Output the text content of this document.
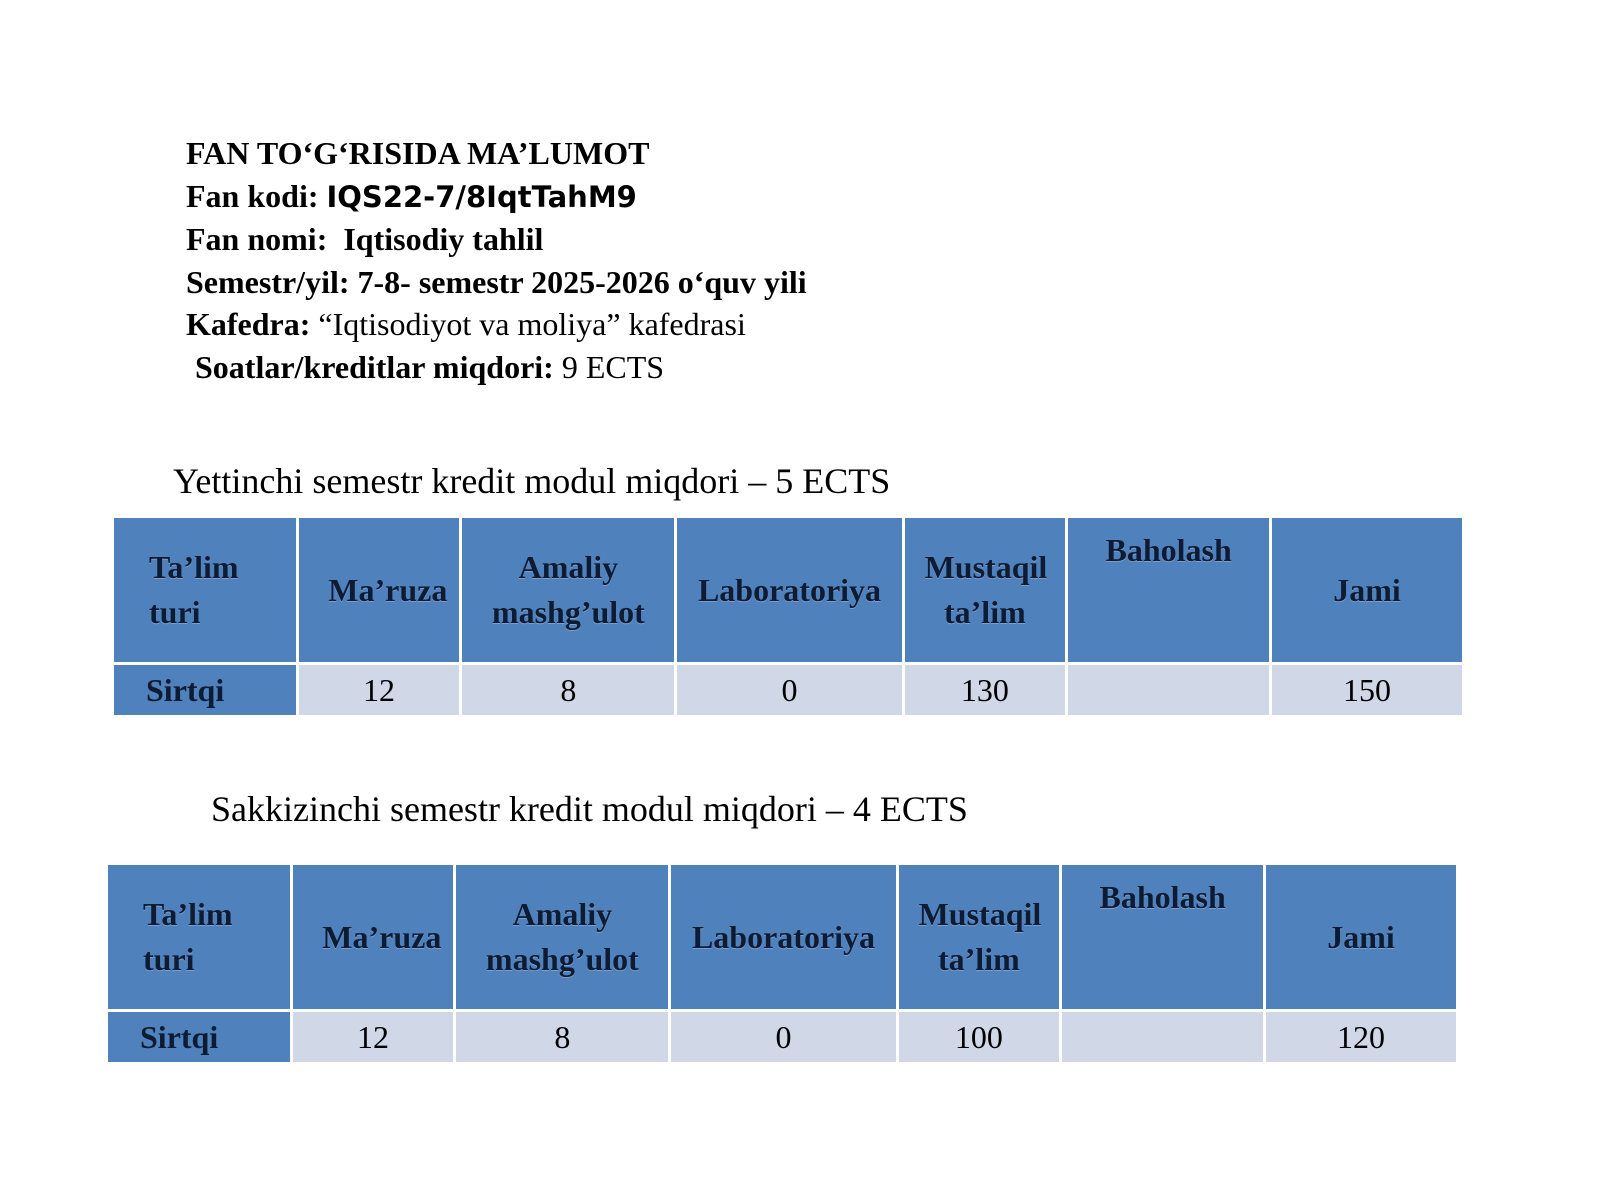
FAN TO‘G‘RISIDA MA’LUMOT
Fan kodi: IQS22-7/8IqtTahM9
Fan nomi: Iqtisodiy tahlil
Semestr/yil: 7-8- semestr 2025-2026 o‘quv yili
Kafedra: “Iqtisodiyot va moliya” kafedrasi
Soatlar/kreditlar miqdori: 9 ECTS
Yettinchi semestr kredit modul miqdori – 5 ECTS
Ta’lim turi	Ma’ruza	Amaliy mashg’ulot	Laboratoriya	Mustaqil ta’lim	Baholash	Jami
Sirtqi	12	8	0	130		150
Sakkizinchi semestr kredit modul miqdori – 4 ECTS
Ta’lim turi	Ma’ruza	Amaliy mashg’ulot	Laboratoriya	Mustaqil ta’lim	Baholash	Jami
Sirtqi	12	8	0	100		120
